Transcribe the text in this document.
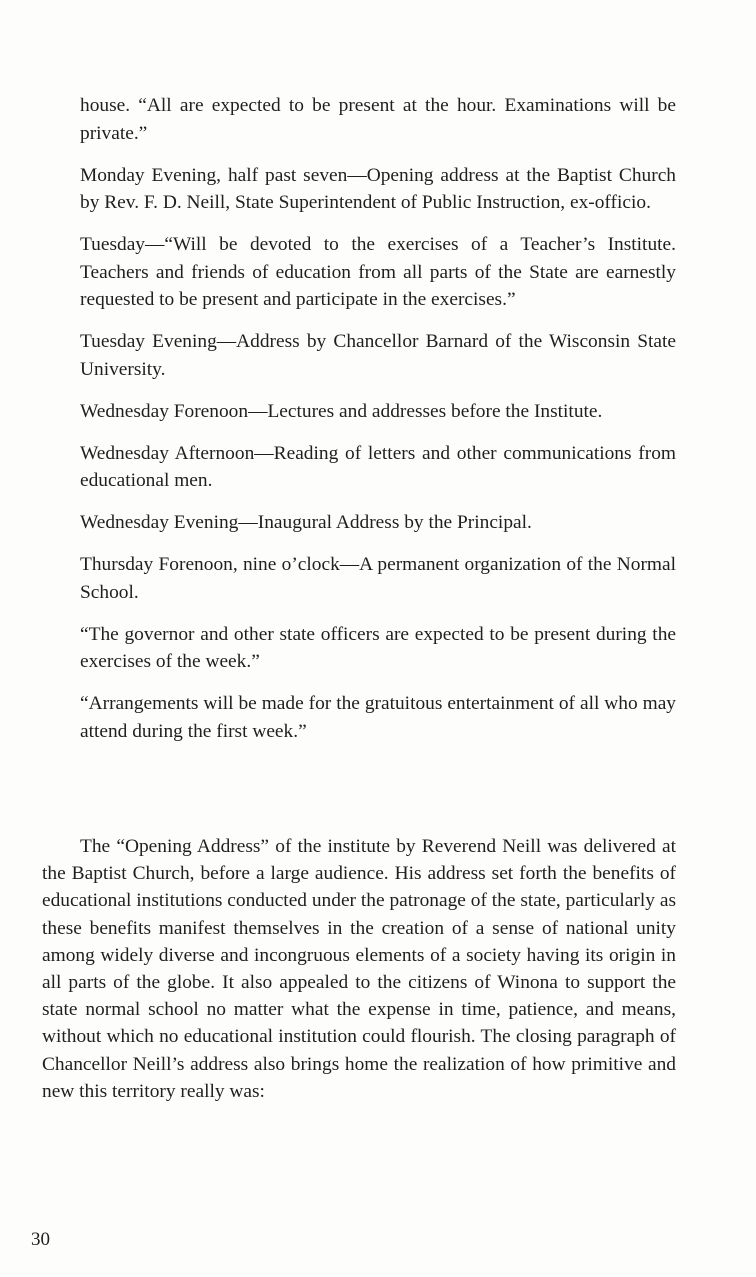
house. “All are expected to be present at the hour. Examinations will be private.”

Monday Evening, half past seven—Opening address at the Baptist Church by Rev. F. D. Neill, State Superintendent of Public Instruction, ex-officio.

Tuesday—“Will be devoted to the exercises of a Teacher’s Institute. Teachers and friends of education from all parts of the State are earnestly requested to be present and participate in the exercises.”

Tuesday Evening—Address by Chancellor Barnard of the Wisconsin State University.

Wednesday Forenoon—Lectures and addresses before the Institute.

Wednesday Afternoon—Reading of letters and other communications from educational men.

Wednesday Evening—Inaugural Address by the Principal.

Thursday Forenoon, nine o’clock—A permanent organization of the Normal School.

“The governor and other state officers are expected to be present during the exercises of the week.”

“Arrangements will be made for the gratuitous entertainment of all who may attend during the first week.”

The “Opening Address” of the institute by Reverend Neill was delivered at the Baptist Church, before a large audience. His address set forth the benefits of educational institutions conducted under the patronage of the state, particularly as these benefits manifest themselves in the creation of a sense of national unity among widely diverse and incongruous elements of a society having its origin in all parts of the globe. It also appealed to the citizens of Winona to support the state normal school no matter what the expense in time, patience, and means, without which no educational institution could flourish. The closing paragraph of Chancellor Neill’s address also brings home the realization of how primitive and new this territory really was:

30
